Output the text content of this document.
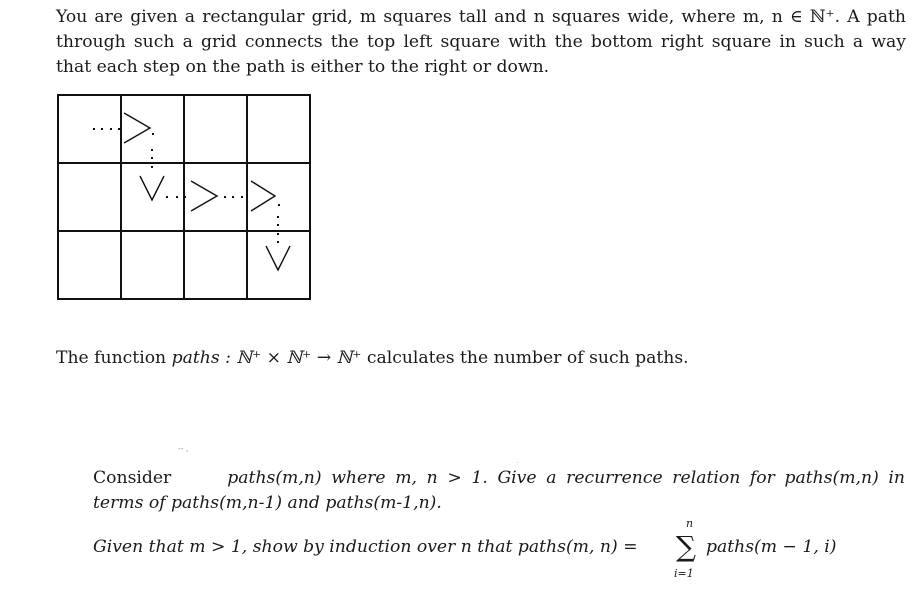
You are given a rectangular grid, m squares tall and n squares wide, where m, n ∈ ℕ⁺. A path
through such a grid connects the top left square with the bottom right square in such a way
that each step on the path is either to the right or down.
The function paths : ℕ⁺ × ℕ⁺ → ℕ⁺ calculates the number of such paths.
-- ,
·
Consider	paths(m,n) where m, n > 1. Give a recurrence relation for paths(m,n) in
terms of paths(m,n-1) and paths(m-1,n).
Given that m > 1, show by induction over n that paths(m, n) =
n
∑
i=1
paths(m − 1, i)
